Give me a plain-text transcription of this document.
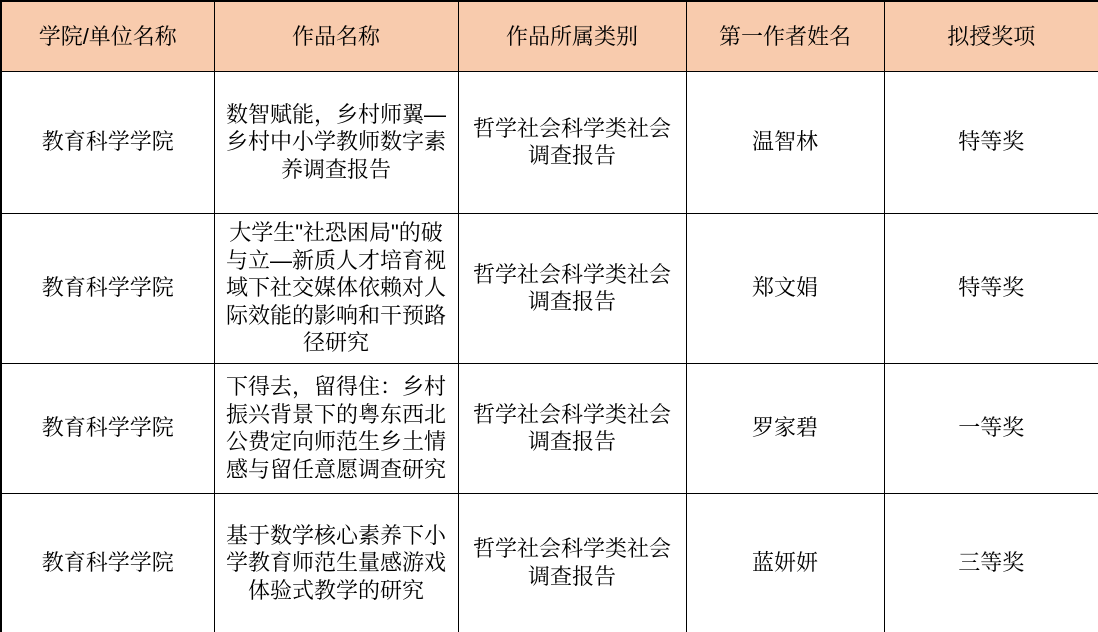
学院/单位名称	作品名称	作品所属类别	第一作者姓名	拟授奖项
教育科学学院	数智赋能，乡村师翼—乡村中小学教师数字素养调查报告	哲学社会科学类社会调查报告	温智林	特等奖
教育科学学院	大学生"社恐困局"的破与立—新质人才培育视域下社交媒体依赖对人际效能的影响和干预路径研究	哲学社会科学类社会调查报告	郑文娟	特等奖
教育科学学院	下得去，留得住：乡村振兴背景下的粤东西北公费定向师范生乡土情感与留任意愿调查研究	哲学社会科学类社会调查报告	罗家碧	一等奖
教育科学学院	基于数学核心素养下小学教育师范生量感游戏体验式教学的研究	哲学社会科学类社会调查报告	蓝妍妍	三等奖
